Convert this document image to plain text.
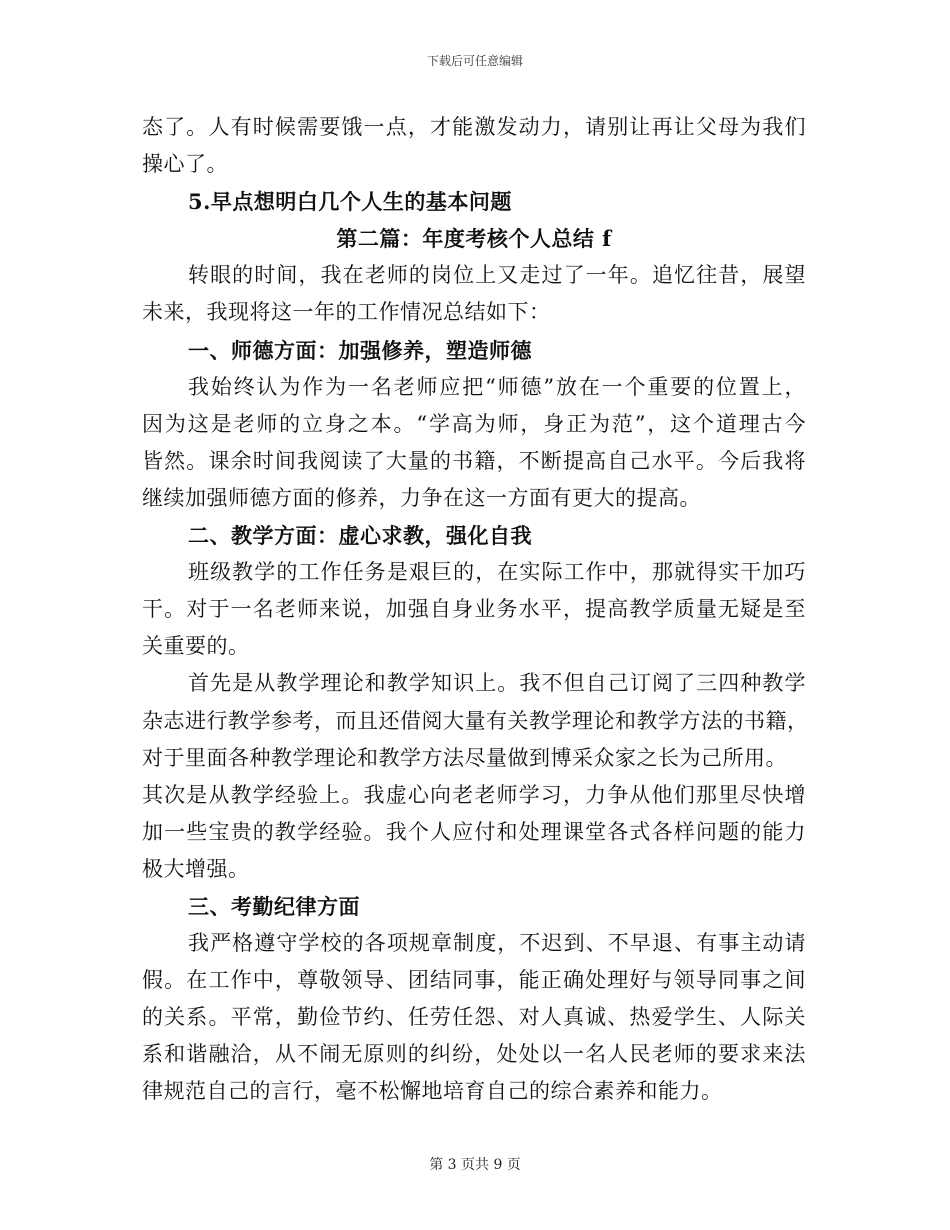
下载后可任意编辑
态了。人有时候需要饿一点，才能激发动力，请别让再让父母为我们
操心了。
5.早点想明白几个人生的基本问题
第二篇：年度考核个人总结 f
转眼的时间，我在老师的岗位上又走过了一年。追忆往昔，展望
未来，我现将这一年的工作情况总结如下：
一、师德方面：加强修养，塑造师德
我始终认为作为一名老师应把“师德”放在一个重要的位置上，
因为这是老师的立身之本。“学高为师，身正为范”，这个道理古今
皆然。课余时间我阅读了大量的书籍，不断提高自己水平。今后我将
继续加强师德方面的修养，力争在这一方面有更大的提高。
二、教学方面：虚心求教，强化自我
班级教学的工作任务是艰巨的，在实际工作中，那就得实干加巧
干。对于一名老师来说，加强自身业务水平，提高教学质量无疑是至
关重要的。
首先是从教学理论和教学知识上。我不但自己订阅了三四种教学
杂志进行教学参考，而且还借阅大量有关教学理论和教学方法的书籍，
对于里面各种教学理论和教学方法尽量做到博采众家之长为己所用。
其次是从教学经验上。我虚心向老老师学习，力争从他们那里尽快增
加一些宝贵的教学经验。我个人应付和处理课堂各式各样问题的能力
极大增强。
三、考勤纪律方面
我严格遵守学校的各项规章制度，不迟到、不早退、有事主动请
假。在工作中，尊敬领导、团结同事，能正确处理好与领导同事之间
的关系。平常，勤俭节约、任劳任怨、对人真诚、热爱学生、人际关
系和谐融洽，从不闹无原则的纠纷，处处以一名人民老师的要求来法
律规范自己的言行，毫不松懈地培育自己的综合素养和能力。
第 3 页共 9 页
